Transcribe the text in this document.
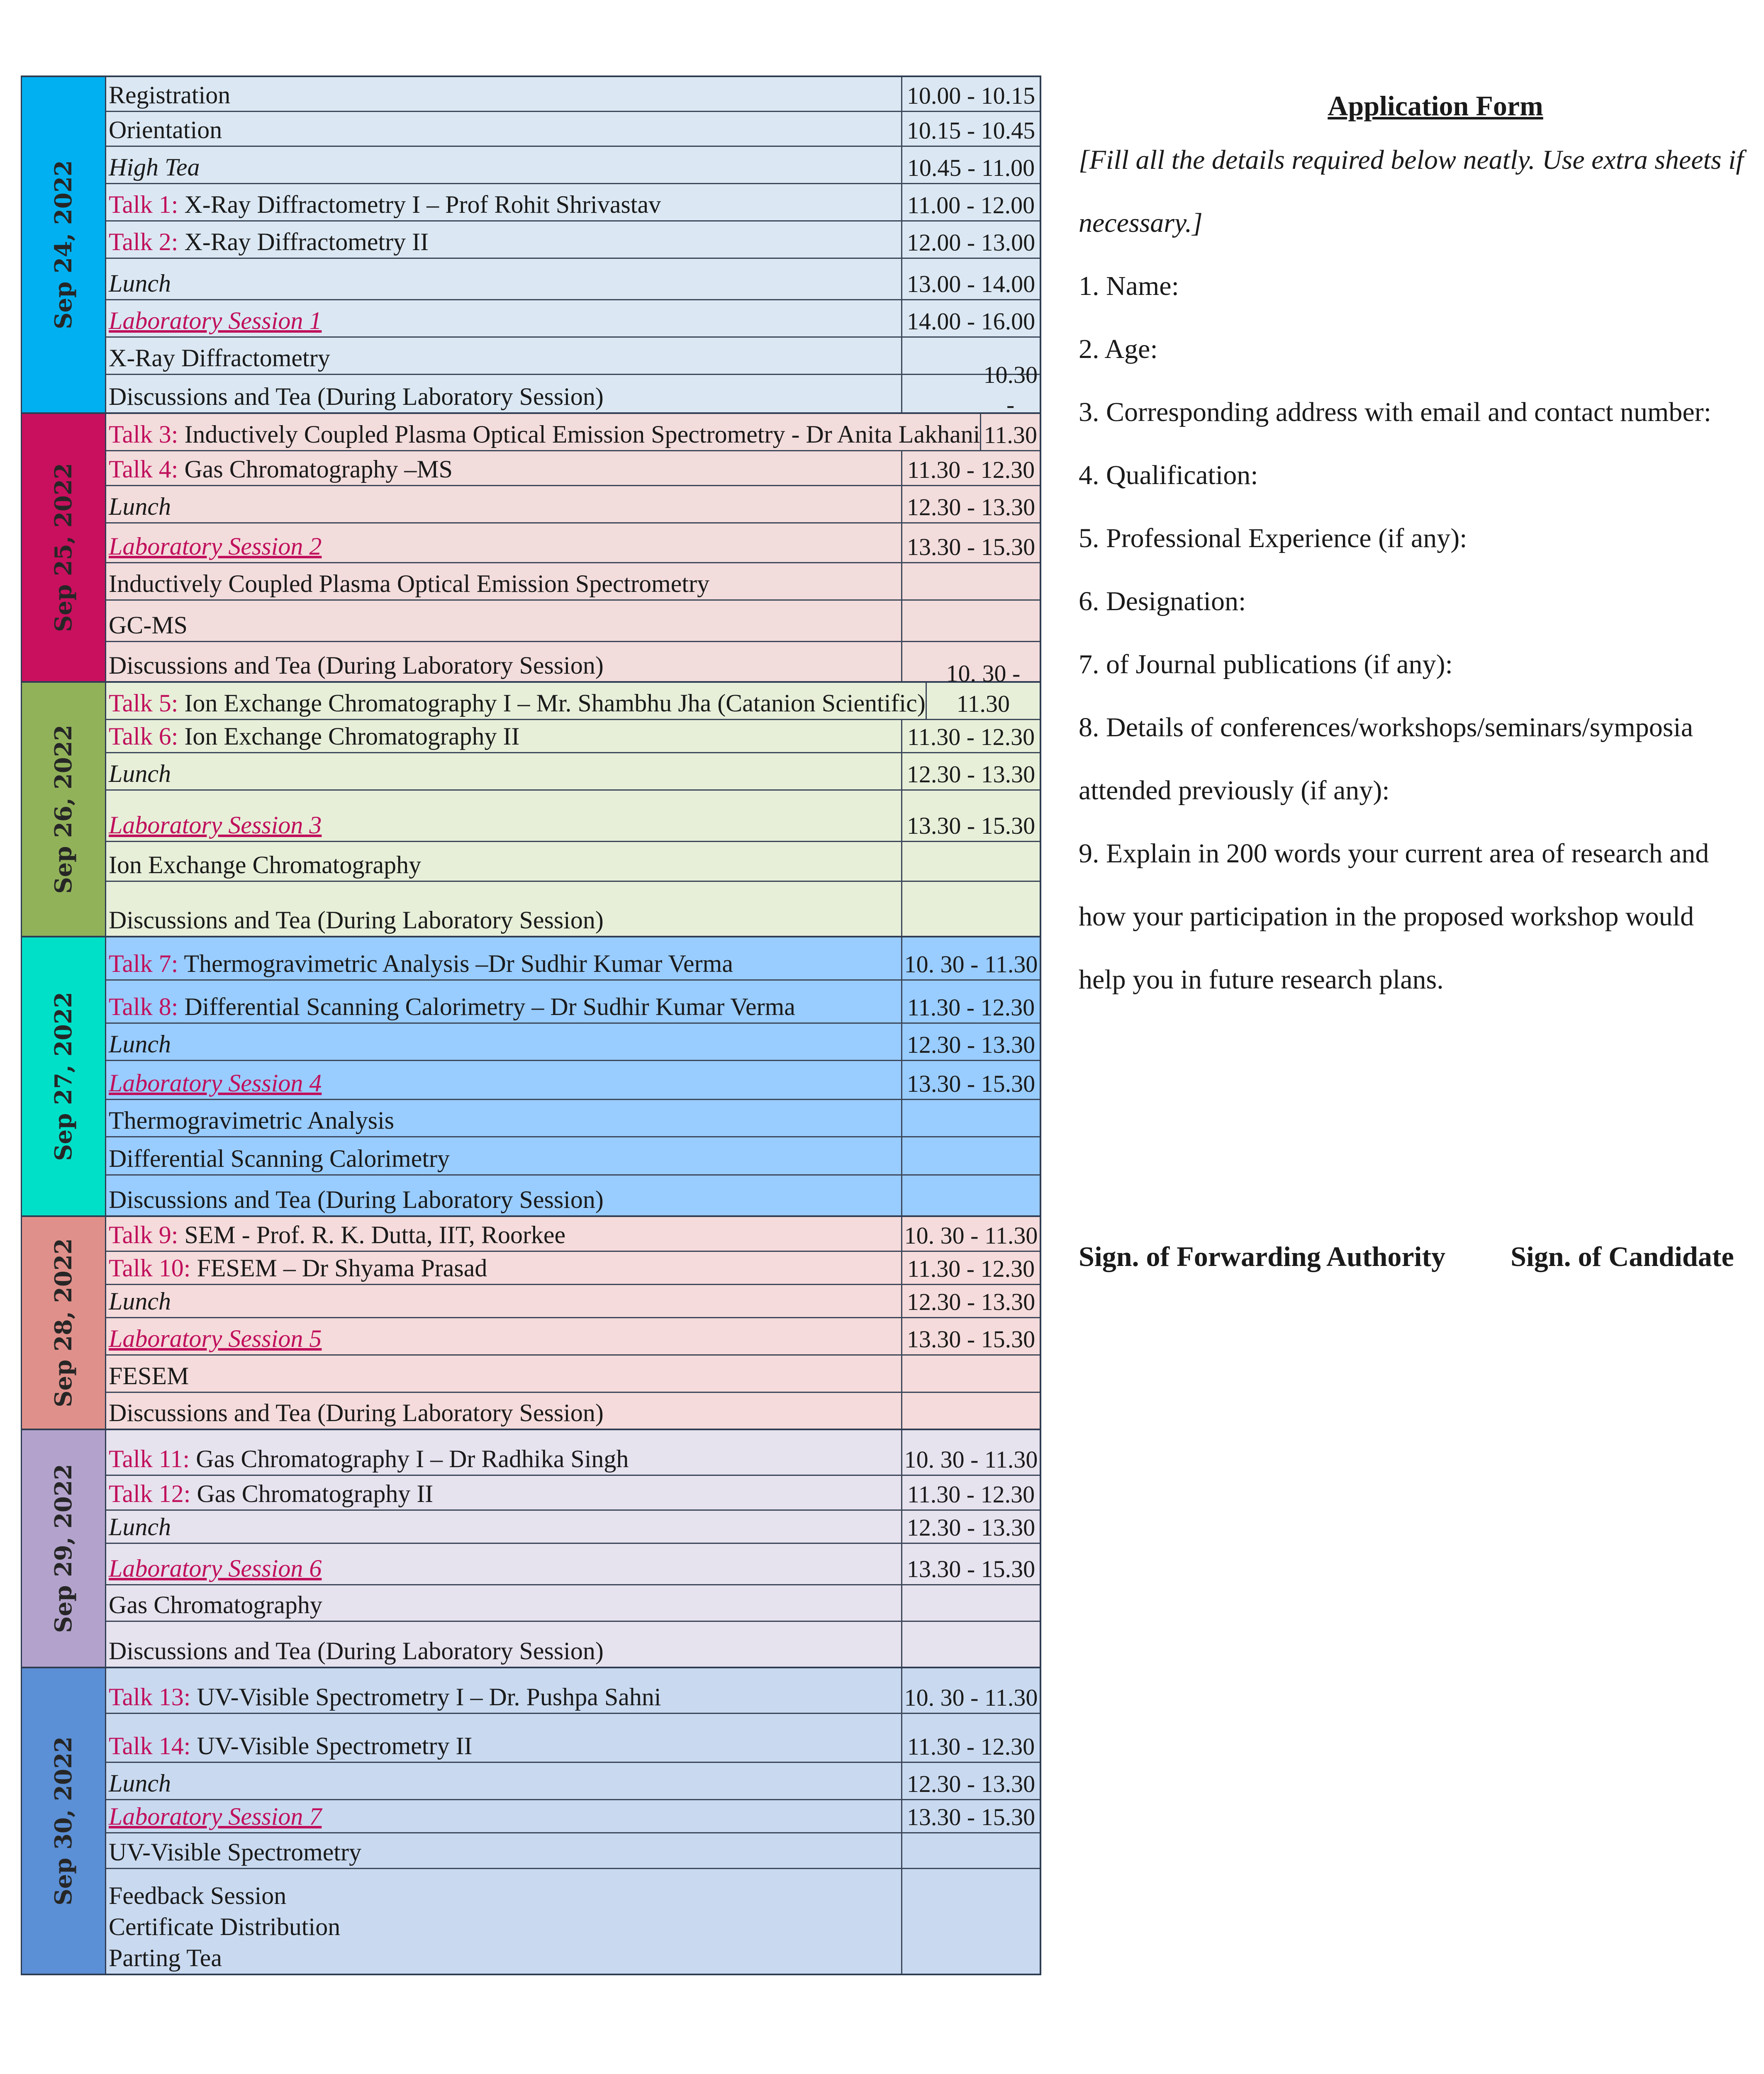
Sep 24, 2022
Registration	10.00 - 10.15
Orientation	10.15 - 10.45
High Tea	10.45 - 11.00
Talk 1: X-Ray Diffractometry I – Prof Rohit Shrivastav	11.00 - 12.00
Talk 2: X-Ray Diffractometry II	12.00 - 13.00
Lunch	13.00 - 14.00
Laboratory Session 1	14.00 - 16.00
X-Ray Diffractometry
Discussions and Tea (During Laboratory Session)
Sep 25, 2022
Talk 3: Inductively Coupled Plasma Optical Emission Spectrometry - Dr Anita Lakhani 11.30
Talk 4: Gas Chromatography –MS	11.30 - 12.30
Lunch	12.30 - 13.30
Laboratory Session 2	13.30 - 15.30
Inductively Coupled Plasma Optical Emission Spectrometry
GC-MS
Discussions and Tea (During Laboratory Session)
Sep 26, 2022
Talk 5: Ion Exchange Chromatography I – Mr. Shambhu Jha (Catanion Scientific)	11.30
Talk 6: Ion Exchange Chromatography II	11.30 - 12.30
Lunch	12.30 - 13.30
Laboratory Session 3	13.30 - 15.30
Ion Exchange Chromatography
Discussions and Tea (During Laboratory Session)
Sep 27, 2022
Talk 7: Thermogravimetric Analysis –Dr Sudhir Kumar Verma	10. 30 - 11.30
Talk 8: Differential Scanning Calorimetry – Dr Sudhir Kumar Verma	11.30 - 12.30
Lunch	12.30 - 13.30
Laboratory Session 4	13.30 - 15.30
Thermogravimetric Analysis
Differential Scanning Calorimetry
Discussions and Tea (During Laboratory Session)
Sep 28, 2022
Talk 9: SEM - Prof. R. K. Dutta, IIT, Roorkee	10. 30 - 11.30
Talk 10: FESEM – Dr Shyama Prasad	11.30 - 12.30
Lunch	12.30 - 13.30
Laboratory Session 5	13.30 - 15.30
FESEM
Discussions and Tea (During Laboratory Session)
Sep 29, 2022
Talk 11: Gas Chromatography I – Dr Radhika Singh	10. 30 - 11.30
Talk 12: Gas Chromatography II	11.30 - 12.30
Lunch	12.30 - 13.30
Laboratory Session 6	13.30 - 15.30
Gas Chromatography
Discussions and Tea (During Laboratory Session)
Sep 30, 2022
Talk 13: UV-Visible Spectrometry I – Dr. Pushpa Sahni	10. 30 - 11.30
Talk 14: UV-Visible Spectrometry II	11.30 - 12.30
Lunch	12.30 - 13.30
Laboratory Session 7	13.30 - 15.30
UV-Visible Spectrometry
Feedback Session
Certificate Distribution
Parting Tea
Application Form
[Fill all the details required below neatly. Use extra sheets if necessary.]
1. Name:
2. Age:
3. Corresponding address with email and contact number:
4. Qualification:
5. Professional Experience (if any):
6. Designation:
7. of Journal publications (if any):
8. Details of conferences/workshops/seminars/symposia
attended previously (if any):
9. Explain in 200 words your current area of research and
how your participation in the proposed workshop would
help you in future research plans.
Sign. of Forwarding Authority Sign. of Candidate
